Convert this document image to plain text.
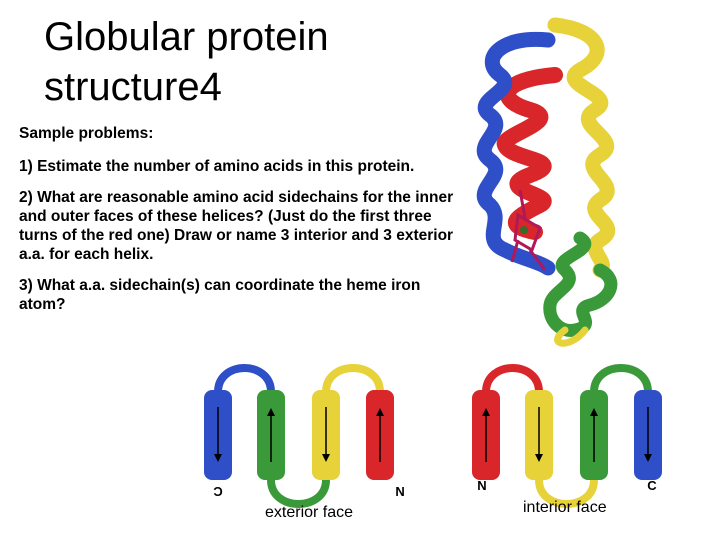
Globular protein
structure4

Sample problems:

1) Estimate the number of amino acids in this protein.

2) What are reasonable amino acid sidechains for the inner and outer faces of these helices? (Just do the first three turns of the red one) Draw or name 3 interior and 3 exterior a.a. for each helix.

3) What a.a. sidechain(s) can coordinate the heme iron atom?

C	N
exterior face
N	C
interior face
